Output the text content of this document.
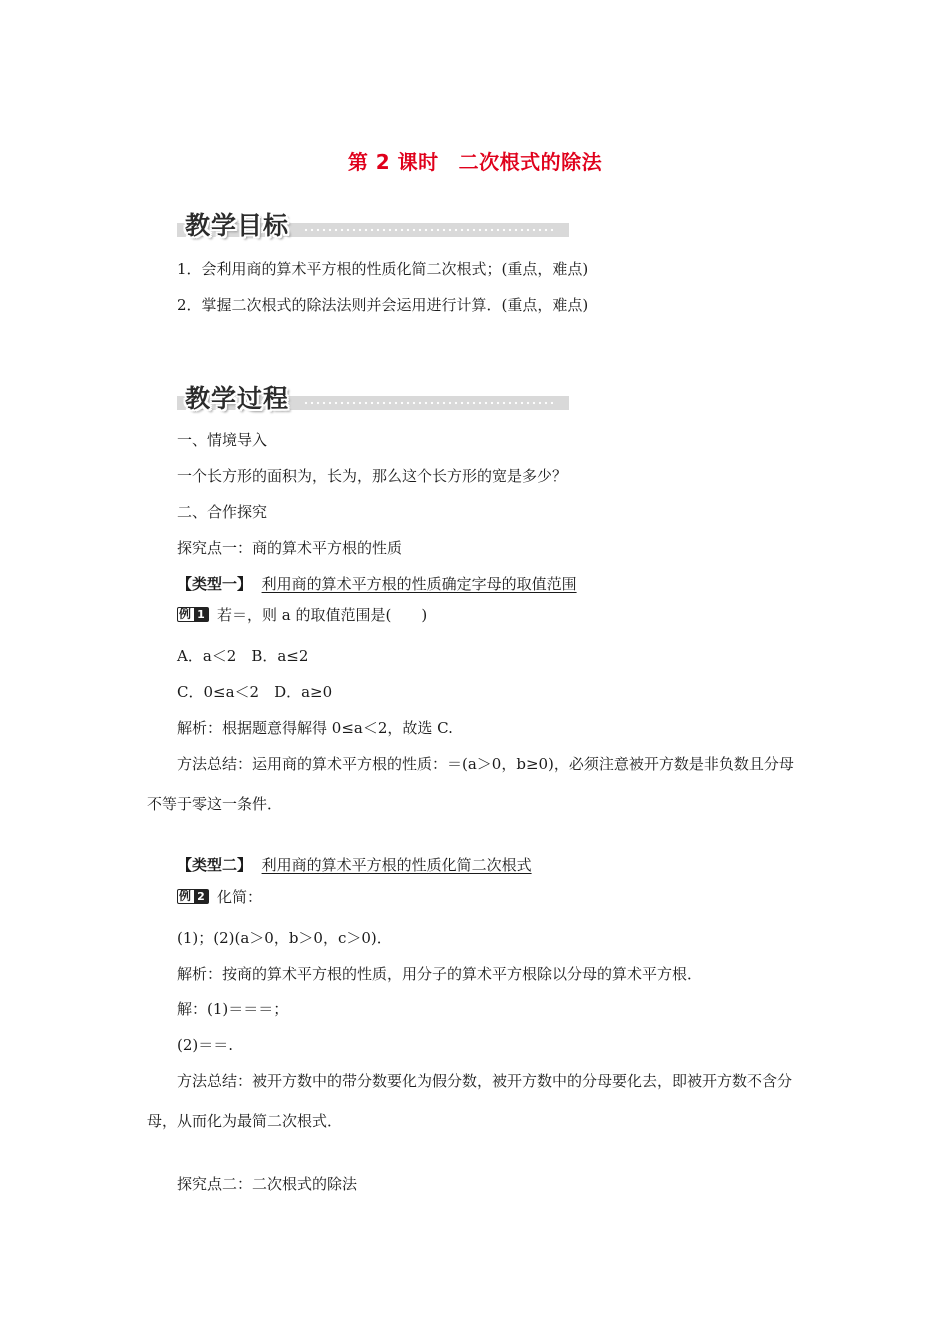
第 2 课时 二次根式的除法
教学目标
1．会利用商的算术平方根的性质化简二次根式；(重点，难点)
2．掌握二次根式的除法法则并会运用进行计算．(重点，难点)
教学过程
一、情境导入
一个长方形的面积为，长为，那么这个长方形的宽是多少？
二、合作探究
探究点一：商的算术平方根的性质
【类型一】 利用商的算术平方根的性质确定字母的取值范围
例 1 若＝，则 a 的取值范围是(　　)
A．a＜2　B．a≤2
C．0≤a＜2　D．a≥0
解析：根据题意得解得 0≤a＜2，故选 C.
方法总结：运用商的算术平方根的性质：＝(a＞0，b≥0)，必须注意被开方数是非负数且分母不等于零这一条件．
【类型二】 利用商的算术平方根的性质化简二次根式
例 2 化简：
(1)；(2)(a＞0，b＞0，c＞0)．
解析：按商的算术平方根的性质，用分子的算术平方根除以分母的算术平方根．
解：(1)＝＝＝；
(2)＝＝.
方法总结：被开方数中的带分数要化为假分数，被开方数中的分母要化去，即被开方数不含分母，从而化为最简二次根式．
探究点二：二次根式的除法
